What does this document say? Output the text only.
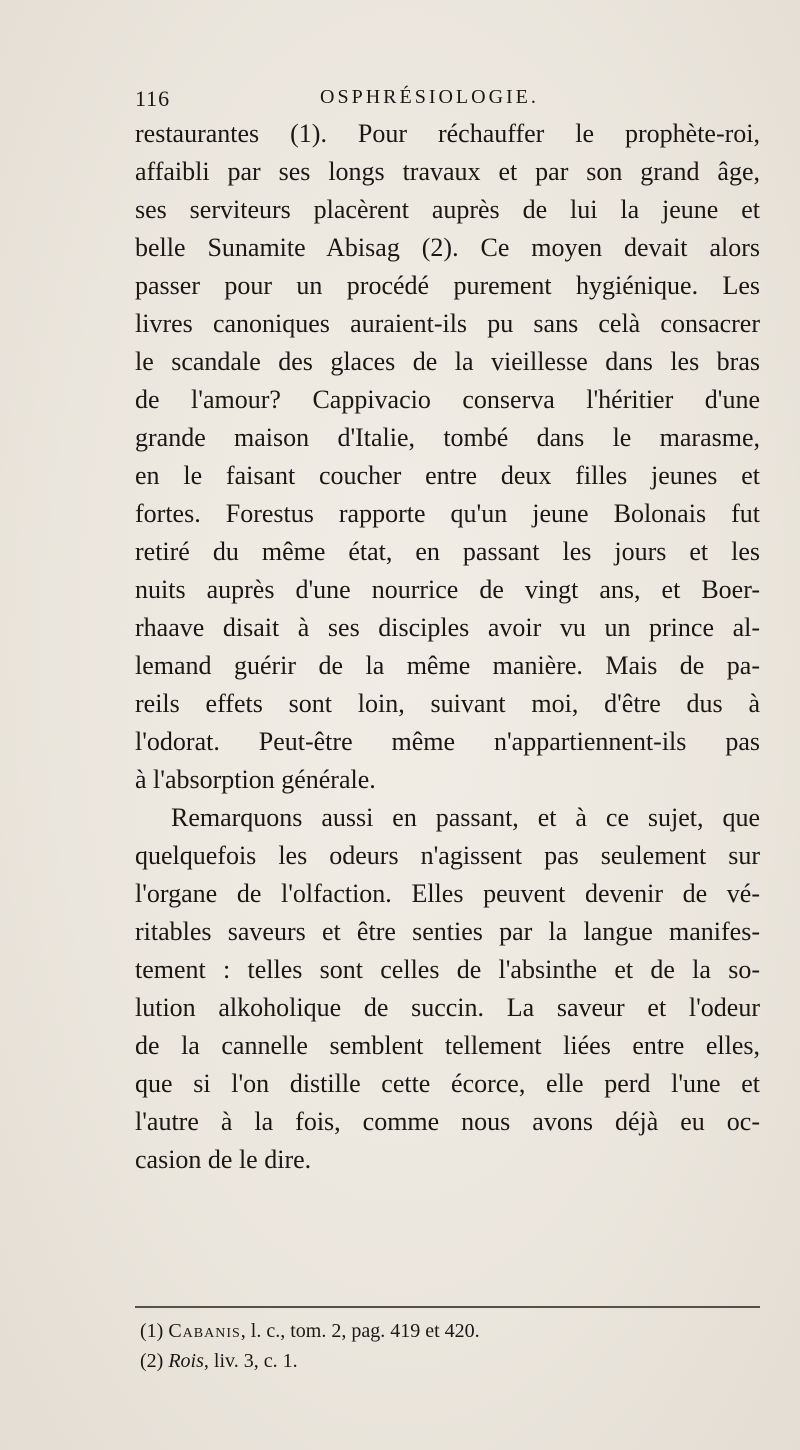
116	OSPHRÉSIOLOGIE.
restaurantes (1). Pour réchauffer le prophète-roi,
affaibli par ses longs travaux et par son grand âge,
ses serviteurs placèrent auprès de lui la jeune et
belle Sunamite Abisag (2). Ce moyen devait alors
passer pour un procédé purement hygiénique. Les
livres canoniques auraient-ils pu sans celà consacrer
le scandale des glaces de la vieillesse dans les bras
de l'amour? Cappivacio conserva l'héritier d'une
grande maison d'Italie, tombé dans le marasme,
en le faisant coucher entre deux filles jeunes et
fortes. Forestus rapporte qu'un jeune Bolonais fut
retiré du même état, en passant les jours et les
nuits auprès d'une nourrice de vingt ans, et Boer-
rhaave disait à ses disciples avoir vu un prince al-
lemand guérir de la même manière. Mais de pa-
reils effets sont loin, suivant moi, d'être dus à
l'odorat. Peut-être même n'appartiennent-ils pas
à l'absorption générale.
Remarquons aussi en passant, et à ce sujet, que
quelquefois les odeurs n'agissent pas seulement sur
l'organe de l'olfaction. Elles peuvent devenir de vé-
ritables saveurs et être senties par la langue manifes-
tement : telles sont celles de l'absinthe et de la so-
lution alkoholique de succin. La saveur et l'odeur
de la cannelle semblent tellement liées entre elles,
que si l'on distille cette écorce, elle perd l'une et
l'autre à la fois, comme nous avons déjà eu oc-
casion de le dire.
(1) Cabanis, l. c., tom. 2, pag. 419 et 420.
(2) Rois, liv. 3, c. 1.
